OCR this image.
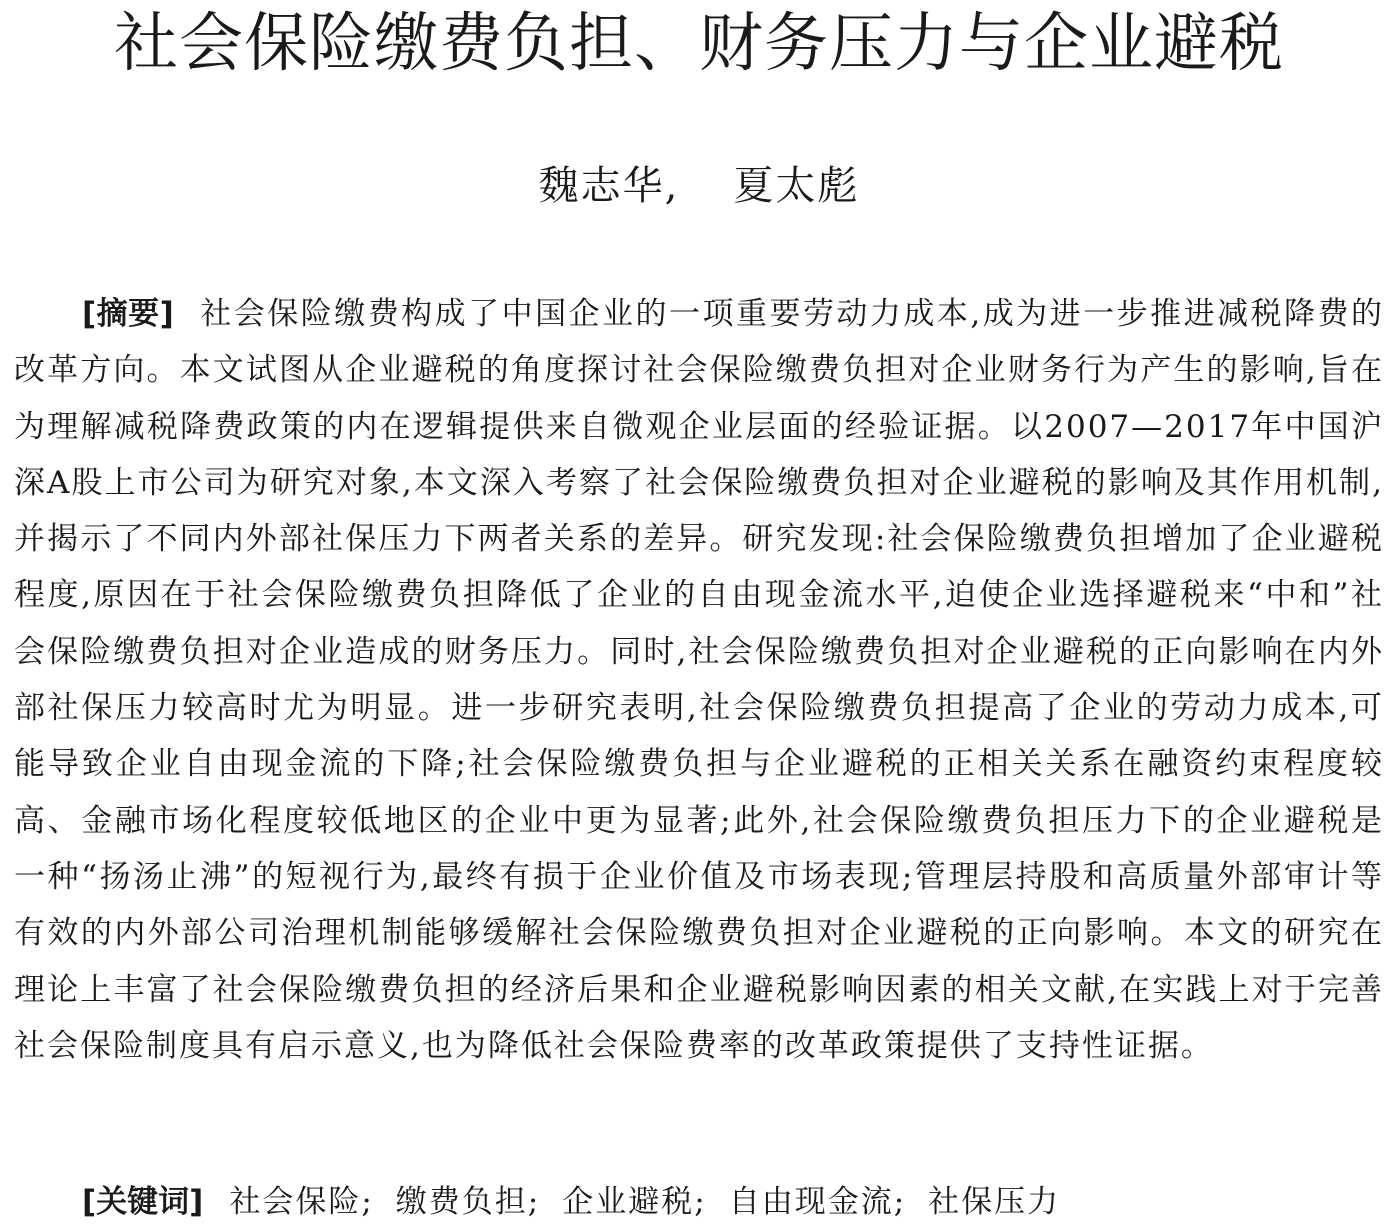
社会保险缴费负担、财务压力与企业避税
魏志华, 夏太彪
[摘要] 社会保险缴费构成了中国企业的一项重要劳动力成本,成为进一步推进减税降费的改革方向。本文试图从企业避税的角度探讨社会保险缴费负担对企业财务行为产生的影响,旨在为理解减税降费政策的内在逻辑提供来自微观企业层面的经验证据。以2007—2017年中国沪深A股上市公司为研究对象,本文深入考察了社会保险缴费负担对企业避税的影响及其作用机制,并揭示了不同内外部社保压力下两者关系的差异。研究发现:社会保险缴费负担增加了企业避税程度,原因在于社会保险缴费负担降低了企业的自由现金流水平,迫使企业选择避税来“中和”社会保险缴费负担对企业造成的财务压力。同时,社会保险缴费负担对企业避税的正向影响在内外部社保压力较高时尤为明显。进一步研究表明,社会保险缴费负担提高了企业的劳动力成本,可能导致企业自由现金流的下降;社会保险缴费负担与企业避税的正相关关系在融资约束程度较高、金融市场化程度较低地区的企业中更为显著;此外,社会保险缴费负担压力下的企业避税是一种“扬汤止沸”的短视行为,最终有损于企业价值及市场表现;管理层持股和高质量外部审计等有效的内外部公司治理机制能够缓解社会保险缴费负担对企业避税的正向影响。本文的研究在理论上丰富了社会保险缴费负担的经济后果和企业避税影响因素的相关文献,在实践上对于完善社会保险制度具有启示意义,也为降低社会保险费率的改革政策提供了支持性证据。
[关键词] 社会保险; 缴费负担; 企业避税; 自由现金流; 社保压力
